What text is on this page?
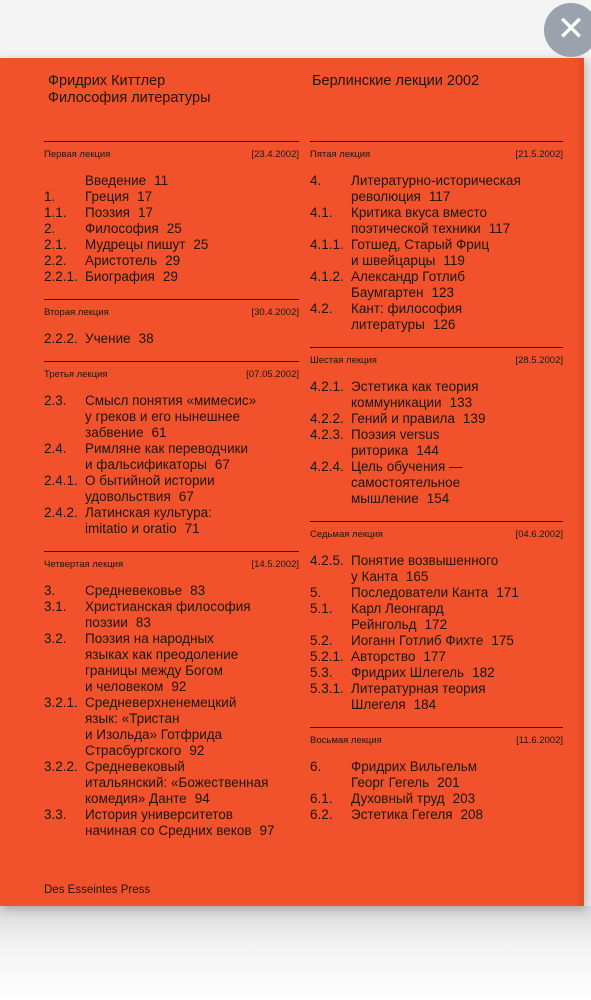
Фридрих Киттлер
Философия литературы
Берлинские лекции 2002
Первая лекция	[23.4.2002]
Введение 11
1.	Греция 17
1.1.	Поэзия 17
2.	Философия 25
2.1.	Мудрецы пишут 25
2.2.	Аристотель 29
2.2.1. Биография 29
Вторая лекция	[30.4.2002]
2.2.2. Учение 38
Третья лекция	[07.05.2002]
2.3.	Смысл понятия «мимесис»
у греков и его нынешнее
забвение 61
2.4.	Римляне как переводчики
и фальсификаторы 67
2.4.1. О бытийной истории
удовольствия 67
2.4.2. Латинская культура:
imitatio и oratio 71
Четвертая лекция	[14.5.2002]
3.	Средневековье 83
3.1.	Христианская философия
поэзии 83
3.2.	Поэзия на народных
языках как преодоление
границы между Богом
и человеком 92
3.2.1. Средневерхненемецкий
язык: «Тристан
и Изольда» Готфрида
Страсбургского 92
3.2.2. Средневековый
итальянский: «Божественная
комедия» Данте 94
3.3.	История университетов
начиная со Средних веков 97
Пятая лекция	[21.5.2002]
4.	Литературно-историческая
революция 117
4.1.	Критика вкуса вместо
поэтической техники 117
4.1.1. Готшед, Старый Фриц
и швейцарцы 119
4.1.2. Александр Готлиб
Баумгартен 123
4.2.	Кант: философия
литературы 126
Шестая лекция	[28.5.2002]
4.2.1. Эстетика как теория
коммуникации 133
4.2.2. Гений и правила 139
4.2.3. Поэзия versus
риторика 144
4.2.4. Цель обучения —
самостоятельное
мышление 154
Седьмая лекция	[04.6.2002]
4.2.5. Понятие возвышенного
у Канта 165
5.	Последователи Канта 171
5.1.	Карл Леонгард
Рейнгольд 172
5.2.	Иоганн Готлиб Фихте 175
5.2.1. Авторство 177
5.3.	Фридрих Шлегель 182
5.3.1. Литературная теория
Шлегеля 184
Восьмая лекция	[11.6.2002]
6.	Фридрих Вильгельм
Георг Гегель 201
6.1.	Духовный труд 203
6.2.	Эстетика Гегеля 208
Des Esseintes Press
✕
